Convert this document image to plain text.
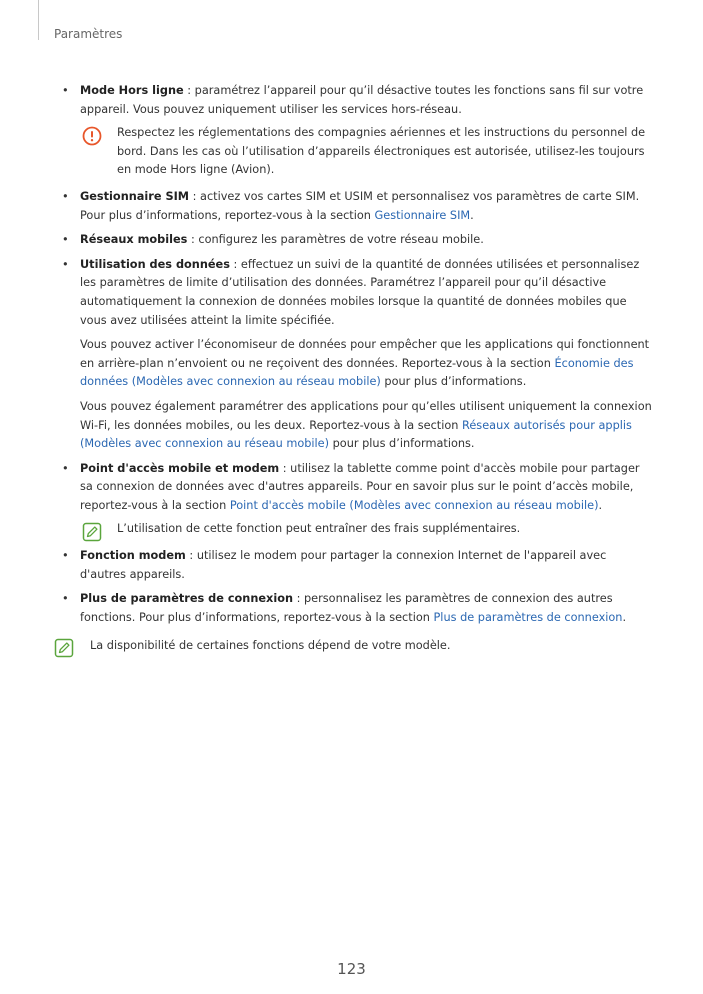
Paramètres
• Mode Hors ligne : paramétrez l’appareil pour qu’il désactive toutes les fonctions sans fil sur votre appareil. Vous pouvez uniquement utiliser les services hors-réseau.
Respectez les réglementations des compagnies aériennes et les instructions du personnel de bord. Dans les cas où l’utilisation d’appareils électroniques est autorisée, utilisez-les toujours en mode Hors ligne (Avion).
• Gestionnaire SIM : activez vos cartes SIM et USIM et personnalisez vos paramètres de carte SIM. Pour plus d’informations, reportez-vous à la section Gestionnaire SIM.
• Réseaux mobiles : configurez les paramètres de votre réseau mobile.
• Utilisation des données : effectuez un suivi de la quantité de données utilisées et personnalisez les paramètres de limite d’utilisation des données. Paramétrez l’appareil pour qu’il désactive automatiquement la connexion de données mobiles lorsque la quantité de données mobiles que vous avez utilisées atteint la limite spécifiée.
Vous pouvez activer l’économiseur de données pour empêcher que les applications qui fonctionnent en arrière-plan n’envoient ou ne reçoivent des données. Reportez-vous à la section Économie des données (Modèles avec connexion au réseau mobile) pour plus d’informations.
Vous pouvez également paramétrer des applications pour qu’elles utilisent uniquement la connexion Wi-Fi, les données mobiles, ou les deux. Reportez-vous à la section Réseaux autorisés pour applis (Modèles avec connexion au réseau mobile) pour plus d’informations.
• Point d'accès mobile et modem : utilisez la tablette comme point d'accès mobile pour partager sa connexion de données avec d'autres appareils. Pour en savoir plus sur le point d’accès mobile, reportez-vous à la section Point d'accès mobile (Modèles avec connexion au réseau mobile).
L’utilisation de cette fonction peut entraîner des frais supplémentaires.
• Fonction modem : utilisez le modem pour partager la connexion Internet de l'appareil avec d'autres appareils.
• Plus de paramètres de connexion : personnalisez les paramètres de connexion des autres fonctions. Pour plus d’informations, reportez-vous à la section Plus de paramètres de connexion.
La disponibilité de certaines fonctions dépend de votre modèle.
123
